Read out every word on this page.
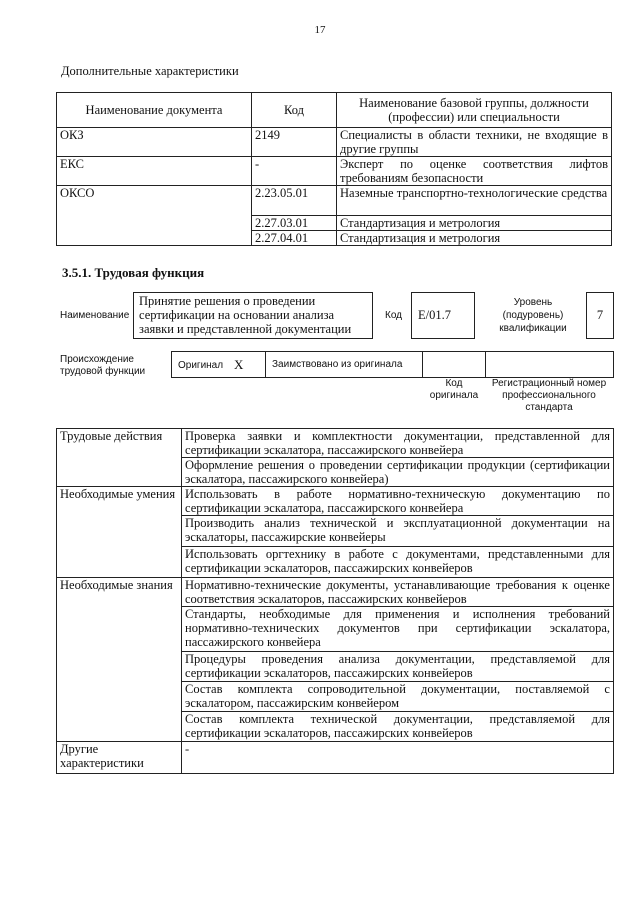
17
Дополнительные характеристики
Наименование документа	Код	Наименование базовой группы, должности (профессии) или специальности
ОКЗ	2149	Специалисты в области техники, не входящие в другие группы
ЕКС	-	Эксперт по оценке соответствия лифтов требованиям безопасности
ОКСО	2.23.05.01	Наземные транспортно-технологические средства
	2.27.03.01	Стандартизация и метрология
	2.27.04.01	Стандартизация и метрология
3.5.1. Трудовая функция
Наименование
Принятие решения о проведении сертификации на основании анализа заявки и представленной документации
Код	Е/01.7
Уровень (подуровень) квалификации
7
Происхождение трудовой функции
Оригинал X	Заимствовано из оригинала
Код оригинала
Регистрационный номер профессионального стандарта
Трудовые действия	Проверка заявки и комплектности документации, представленной для сертификации эскалатора, пассажирского конвейера
	Оформление решения о проведении сертификации продукции (сертификации эскалатора, пассажирского конвейера)
Необходимые умения	Использовать в работе нормативно-техническую документацию по сертификации эскалатора, пассажирского конвейера
	Производить анализ технической и эксплуатационной документации на эскалаторы, пассажирские конвейеры
	Использовать оргтехнику в работе с документами, представленными для сертификации эскалаторов, пассажирских конвейеров
Необходимые знания	Нормативно-технические документы, устанавливающие требования к оценке соответствия эскалаторов, пассажирских конвейеров
	Стандарты, необходимые для применения и исполнения требований нормативно-технических документов при сертификации эскалатора, пассажирского конвейера
	Процедуры проведения анализа документации, представляемой для сертификации эскалаторов, пассажирских конвейеров
	Состав комплекта сопроводительной документации, поставляемой с эскалатором, пассажирским конвейером
	Состав комплекта технической документации, представляемой для сертификации эскалаторов, пассажирских конвейеров
Другие характеристики	-
